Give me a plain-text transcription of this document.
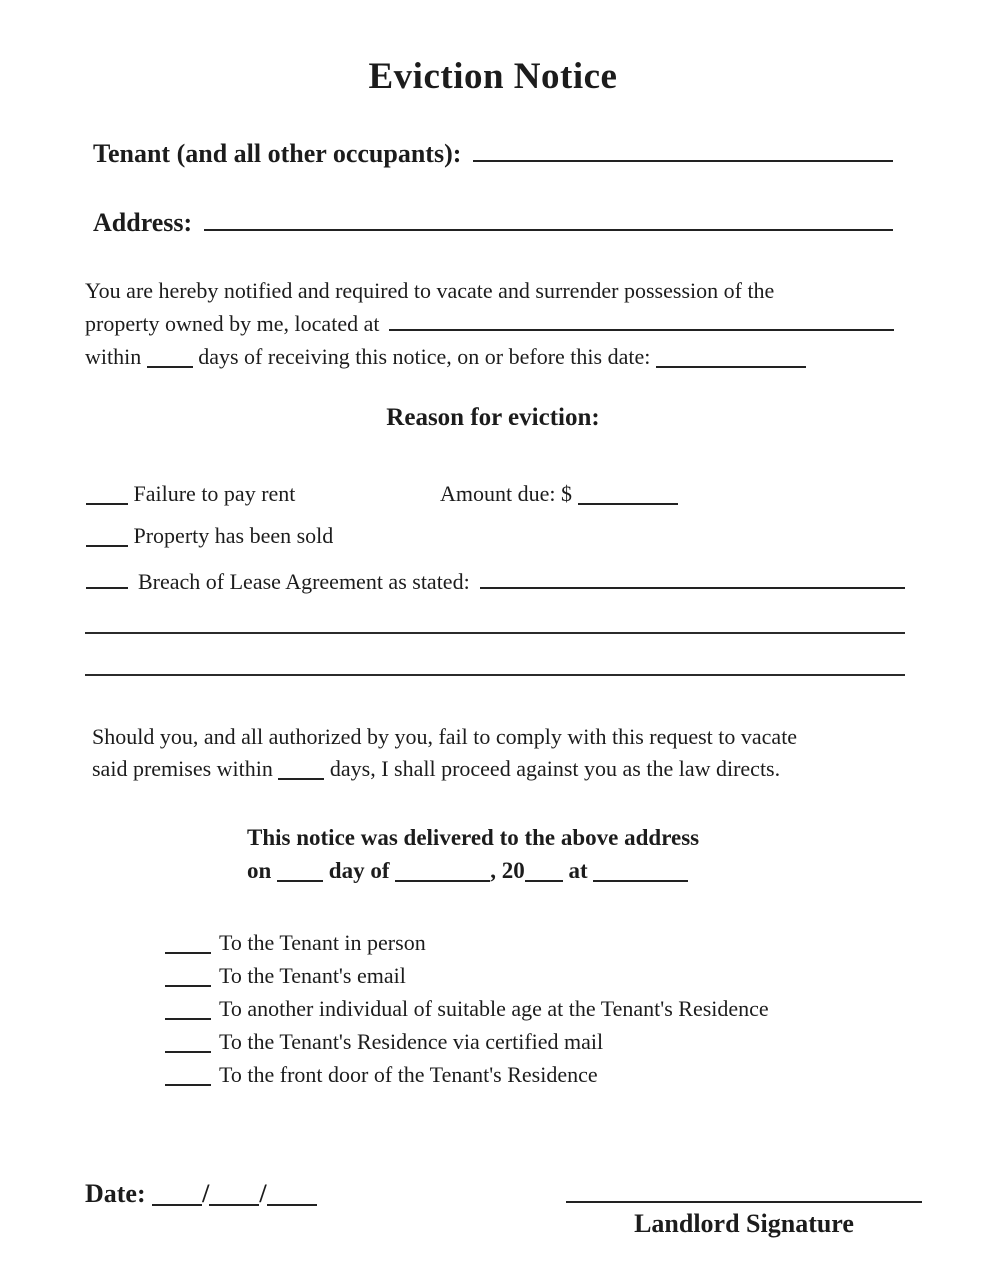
Eviction Notice
Tenant (and all other occupants):
Address:
You are hereby notified and required to vacate and surrender possession of the
property owned by me, located at
within	days of receiving this notice, on or before this date:
Reason for eviction:
Failure to pay rent	Amount due: $
Property has been sold
Breach of Lease Agreement as stated:
Should you, and all authorized by you, fail to comply with this request to vacate
said premises within	days, I shall proceed against you as the law directs.
This notice was delivered to the above address
on	day of	, 20 at
To the Tenant in person
To the Tenant's email
To another individual of suitable age at the Tenant's Residence
To the Tenant's Residence via certified mail
To the front door of the Tenant's Residence
Date: / /
Landlord Signature
